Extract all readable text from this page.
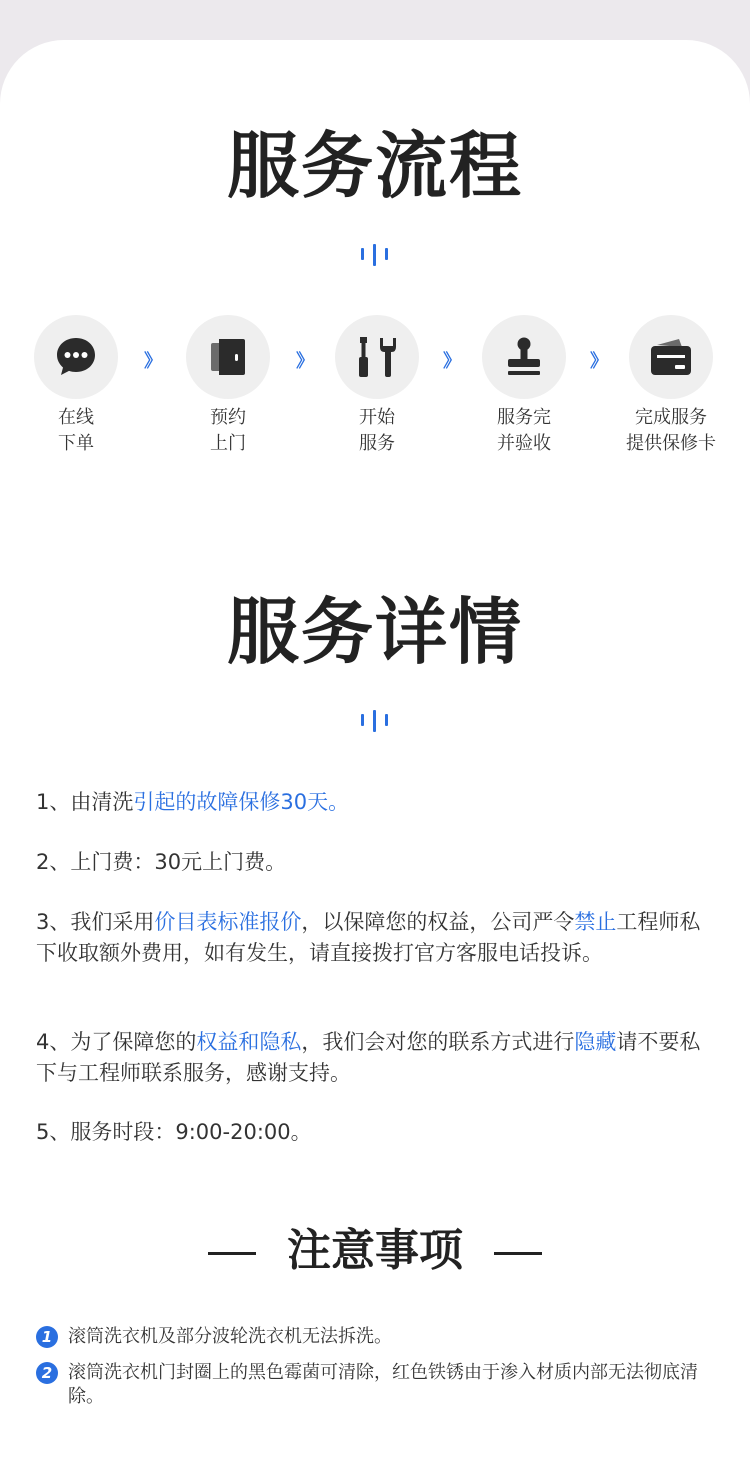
服务流程
在线
下单
》
预约
上门
》
开始
服务
》
服务完
并验收
》
完成服务
提供保修卡
服务详情
1、由清洗引起的故障保修30天。
2、上门费：30元上门费。
3、我们采用价目表标准报价，以保障您的权益，公司严令禁止工程师私下收取额外费用，如有发生，请直接拨打官方客服电话投诉。
4、为了保障您的权益和隐私，我们会对您的联系方式进行隐藏请不要私下与工程师联系服务，感谢支持。
5、服务时段：9:00-20:00。
注意事项
1 滚筒洗衣机及部分波轮洗衣机无法拆洗。
2 滚筒洗衣机门封圈上的黑色霉菌可清除，红色铁锈由于渗入材质内部无法彻底清除。
